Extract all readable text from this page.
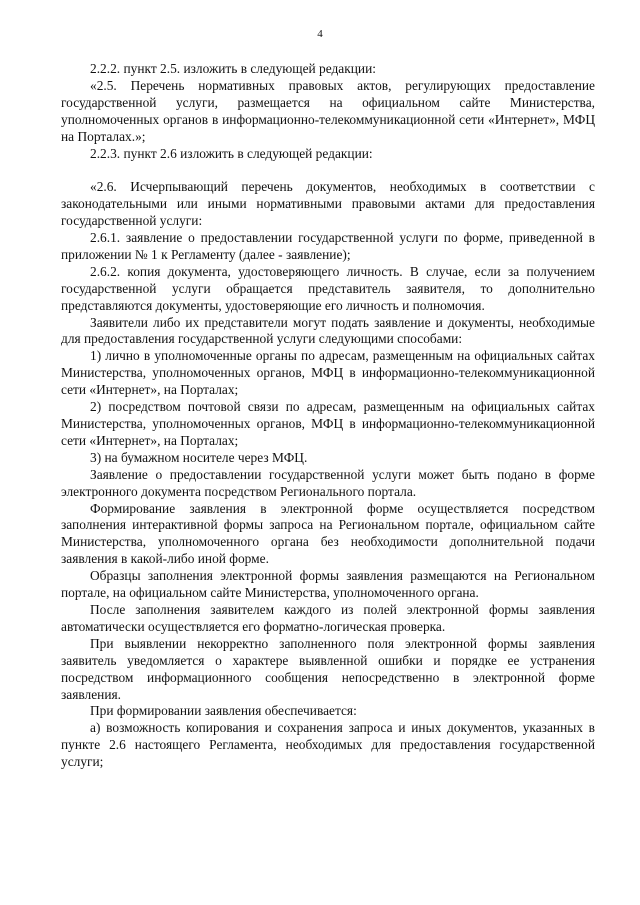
4

2.2.2. пункт 2.5. изложить в следующей редакции:

«2.5. Перечень нормативных правовых актов, регулирующих предоставление государственной услуги, размещается на официальном сайте Министерства, уполномоченных органов в информационно-телекоммуникационной сети «Интернет», МФЦ на Порталах.»;

2.2.3. пункт 2.6 изложить в следующей редакции:

«2.6. Исчерпывающий перечень документов, необходимых в соответствии с законодательными или иными нормативными правовыми актами для предоставления государственной услуги:

2.6.1. заявление о предоставлении государственной услуги по форме, приведенной в приложении № 1 к Регламенту (далее - заявление);

2.6.2. копия документа, удостоверяющего личность. В случае, если за получением государственной услуги обращается представитель заявителя, то дополнительно представляются документы, удостоверяющие его личность и полномочия.

Заявители либо их представители могут подать заявление и документы, необходимые для предоставления государственной услуги следующими способами:

1) лично в уполномоченные органы по адресам, размещенным на официальных сайтах Министерства, уполномоченных органов, МФЦ в информационно-телекоммуникационной сети «Интернет», на Порталах;

2) посредством почтовой связи по адресам, размещенным на официальных сайтах Министерства, уполномоченных органов, МФЦ в информационно-телекоммуникационной сети «Интернет», на Порталах;

3) на бумажном носителе через МФЦ.

Заявление о предоставлении государственной услуги может быть подано в форме электронного документа посредством Регионального портала.

Формирование заявления в электронной форме осуществляется посредством заполнения интерактивной формы запроса на Региональном портале, официальном сайте Министерства, уполномоченного органа без необходимости дополнительной подачи заявления в какой-либо иной форме.

Образцы заполнения электронной формы заявления размещаются на Региональном портале, на официальном сайте Министерства, уполномоченного органа.

После заполнения заявителем каждого из полей электронной формы заявления автоматически осуществляется его форматно-логическая проверка.

При выявлении некорректно заполненного поля электронной формы заявления заявитель уведомляется о характере выявленной ошибки и порядке ее устранения посредством информационного сообщения непосредственно в электронной форме заявления.

При формировании заявления обеспечивается:

а) возможность копирования и сохранения запроса и иных документов, указанных в пункте 2.6 настоящего Регламента, необходимых для предоставления государственной услуги;
